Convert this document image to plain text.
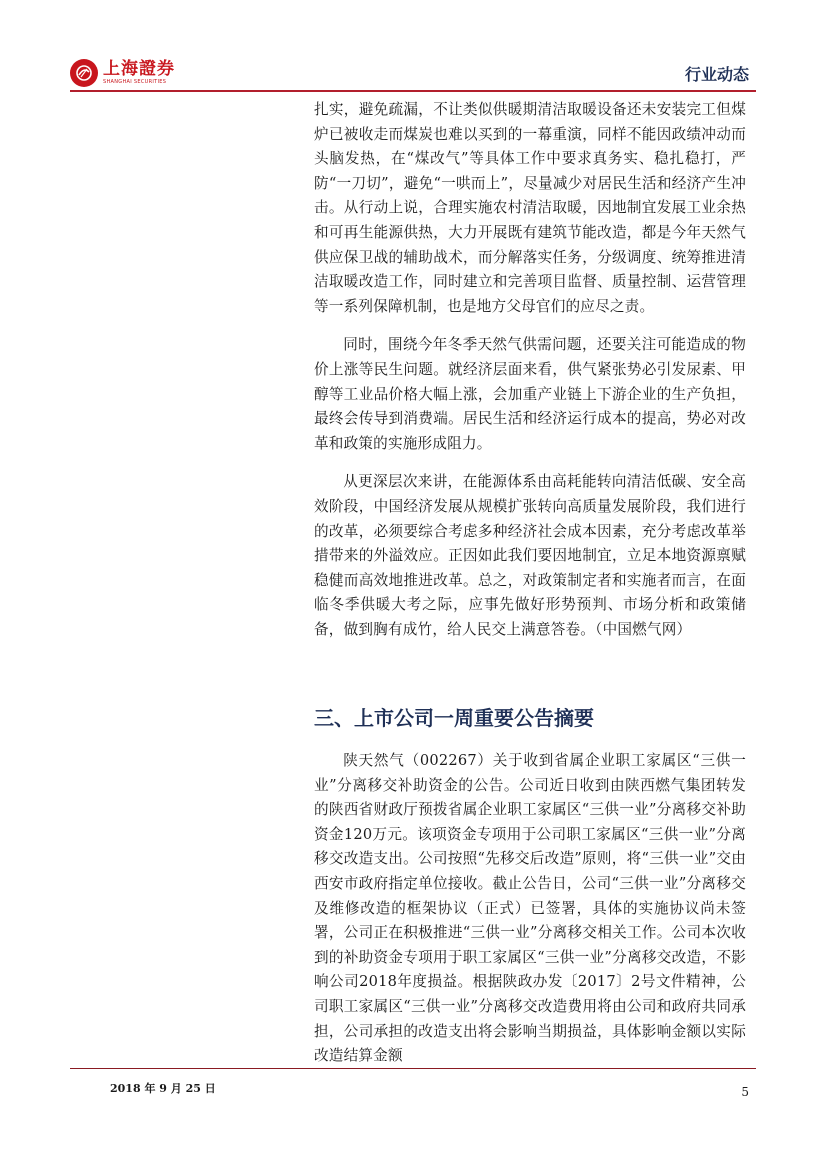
上海證券
SHANGHAI SECURITIES	行业动态

扎实，避免疏漏，不让类似供暖期清洁取暖设备还未安装完工但煤炉已被收走而煤炭也难以买到的一幕重演，同样不能因政绩冲动而头脑发热，在“煤改气”等具体工作中要求真务实、稳扎稳打，严防“一刀切”，避免“一哄而上”，尽量减少对居民生活和经济产生冲击。从行动上说，合理实施农村清洁取暖，因地制宜发展工业余热和可再生能源供热，大力开展既有建筑节能改造，都是今年天然气供应保卫战的辅助战术，而分解落实任务，分级调度、统筹推进清洁取暖改造工作，同时建立和完善项目监督、质量控制、运营管理等一系列保障机制，也是地方父母官们的应尽之责。

同时，围绕今年冬季天然气供需问题，还要关注可能造成的物价上涨等民生问题。就经济层面来看，供气紧张势必引发尿素、甲醇等工业品价格大幅上涨，会加重产业链上下游企业的生产负担，最终会传导到消费端。居民生活和经济运行成本的提高，势必对改革和政策的实施形成阻力。

从更深层次来讲，在能源体系由高耗能转向清洁低碳、安全高效阶段，中国经济发展从规模扩张转向高质量发展阶段，我们进行的改革，必须要综合考虑多种经济社会成本因素，充分考虑改革举措带来的外溢效应。正因如此我们要因地制宜，立足本地资源禀赋稳健而高效地推进改革。总之，对政策制定者和实施者而言，在面临冬季供暖大考之际，应事先做好形势预判、市场分析和政策储备，做到胸有成竹，给人民交上满意答卷。（中国燃气网）

三、上市公司一周重要公告摘要

陕天然气（002267）关于收到省属企业职工家属区“三供一业”分离移交补助资金的公告。公司近日收到由陕西燃气集团转发的陕西省财政厅预拨省属企业职工家属区“三供一业”分离移交补助资金120万元。该项资金专项用于公司职工家属区“三供一业”分离移交改造支出。公司按照“先移交后改造”原则，将“三供一业”交由西安市政府指定单位接收。截止公告日，公司“三供一业”分离移交及维修改造的框架协议（正式）已签署，具体的实施协议尚未签署，公司正在积极推进“三供一业”分离移交相关工作。公司本次收到的补助资金专项用于职工家属区“三供一业”分离移交改造，不影响公司2018年度损益。根据陕政办发〔2017〕2号文件精神，公司职工家属区“三供一业”分离移交改造费用将由公司和政府共同承担，公司承担的改造支出将会影响当期损益，具体影响金额以实际改造结算金额

2018 年 9 月 25 日	5
